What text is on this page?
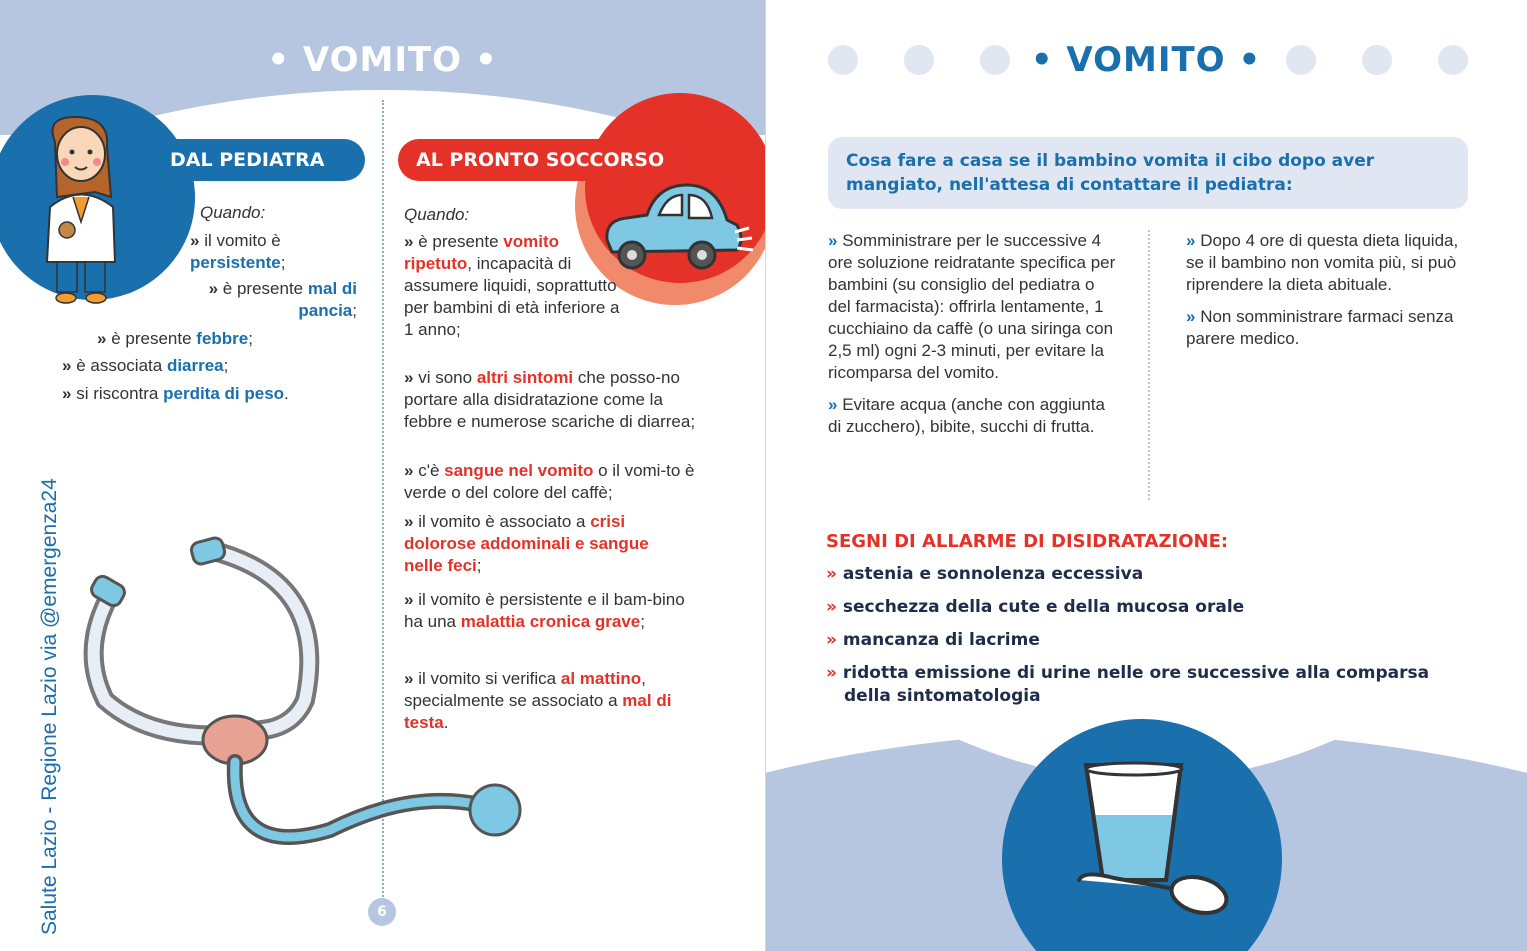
• VOMITO •
DAL PEDIATRA	AL PRONTO SOCCORSO
Quando:
» il vomito è persistente;
» è presente mal di pancia;
» è presente febbre;
» è associata diarrea;
» si riscontra perdita di peso.
Quando:
» è presente vomito ripetuto, incapacità di assumere liquidi, soprattutto per bambini di età inferiore a 1 anno;
» vi sono altri sintomi che posso-no portare alla disidratazione come la febbre e numerose scariche di diarrea;
» c'è sangue nel vomito o il vomi-to è verde o del colore del caffè;
» il vomito è associato a crisi dolorose addominali e sangue nelle feci;
» il vomito è persistente e il bam-bino ha una malattia cronica grave;
» il vomito si verifica al mattino, specialmente se associato a mal di testa.
Salute Lazio - Regione Lazio via @emergenza24	6
• VOMITO •
Cosa fare a casa se il bambino vomita il cibo dopo aver mangiato, nell'attesa di contattare il pediatra:
» Somministrare per le successive 4 ore soluzione reidratante specifica per bambini (su consiglio del pediatra o del farmacista): offrirla lentamente, 1 cucchiaino da caffè (o una siringa con 2,5 ml) ogni 2-3 minuti, per evitare la ricomparsa del vomito.
» Evitare acqua (anche con aggiunta di zucchero), bibite, succhi di frutta.
» Dopo 4 ore di questa dieta liquida, se il bambino non vomita più, si può riprendere la dieta abituale.
» Non somministrare farmaci senza parere medico.
SEGNI DI ALLARME DI DISIDRATAZIONE:
» astenia e sonnolenza eccessiva
» secchezza della cute e della mucosa orale
» mancanza di lacrime
» ridotta emissione di urine nelle ore successive alla comparsa della sintomatologia
